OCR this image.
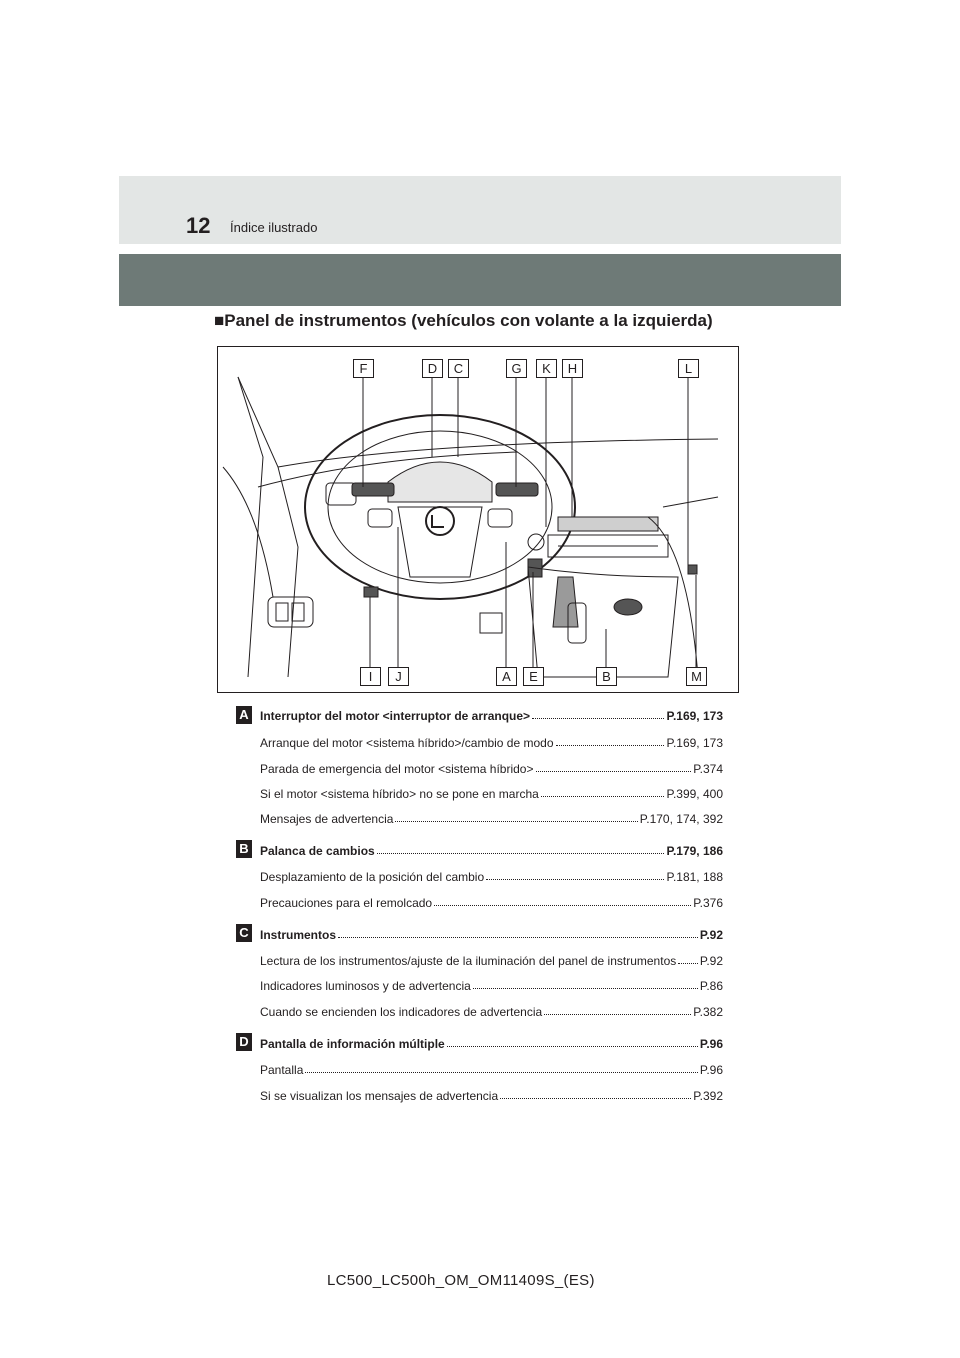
12 Índice ilustrado
■Panel de instrumentos (vehículos con volante a la izquierda)
F	D	C	G	K	H	L
I	J	A	E	B	M
A Interruptor del motor <interruptor de arranque>	P.169, 173
Arranque del motor <sistema híbrido>/cambio de modo	P.169, 173
Parada de emergencia del motor <sistema híbrido>	P.374
Si el motor <sistema híbrido> no se pone en marcha	P.399, 400
Mensajes de advertencia	P.170, 174, 392
B Palanca de cambios	P.179, 186
Desplazamiento de la posición del cambio	P.181, 188
Precauciones para el remolcado	P.376
C Instrumentos	P.92
Lectura de los instrumentos/ajuste de la iluminación del panel de instrumentos P.92
Indicadores luminosos y de advertencia	P.86
Cuando se encienden los indicadores de advertencia	P.382
D Pantalla de información múltiple	P.96
Pantalla	P.96
Si se visualizan los mensajes de advertencia	P.392
LC500_LC500h_OM_OM11409S_(ES)
